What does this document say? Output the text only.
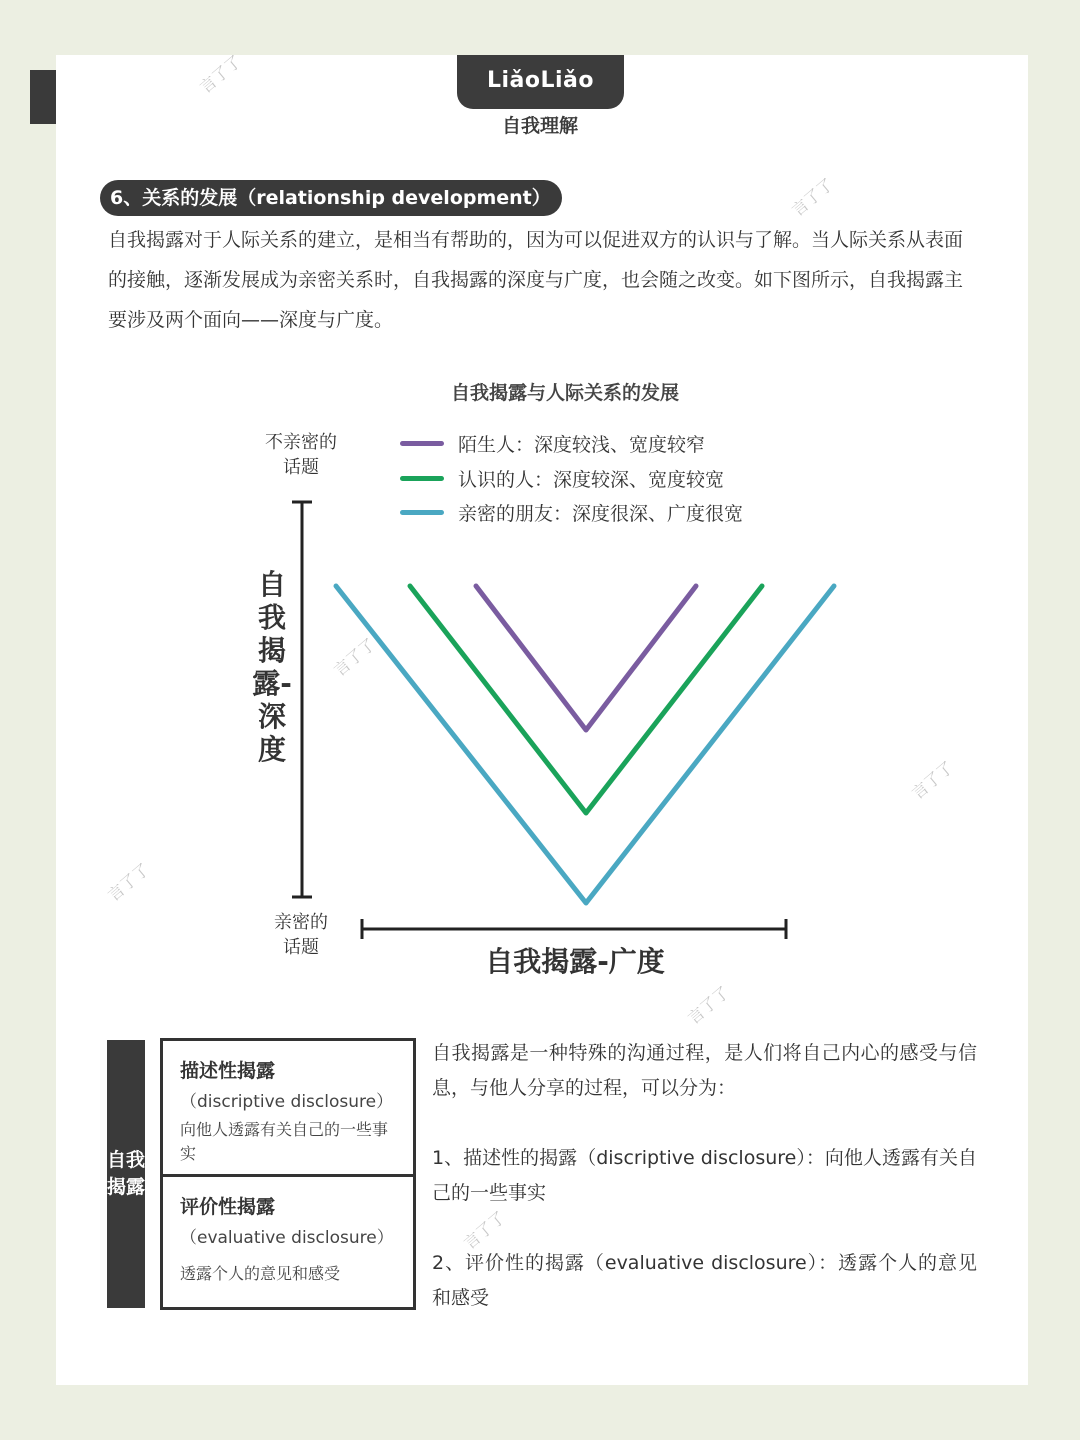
LiǎoLiǎo
自我理解
6、关系的发展（relationship development）
自我揭露对于人际关系的建立，是相当有帮助的，因为可以促进双方的认识与了解。当人际关系从表面的接触，逐渐发展成为亲密关系时，自我揭露的深度与广度，也会随之改变。如下图所示，自我揭露主要涉及两个面向——深度与广度。
自我揭露与人际关系的发展
不亲密的
话题
亲密的
话题
陌生人：深度较浅、宽度较窄
认识的人：深度较深、宽度较宽
亲密的朋友：深度很深、广度很宽
自我揭露-深度
自我揭露-广度
自我揭露
描述性揭露
（discriptive disclosure）
向他人透露有关自己的一些事实
评价性揭露
（evaluative disclosure）
透露个人的意见和感受
自我揭露是一种特殊的沟通过程，是人们将自己内心的感受与信息，与他人分享的过程，可以分为：
1、描述性的揭露（discriptive disclosure）：向他人透露有关自己的一些事实
2、评价性的揭露（evaluative disclosure）：透露个人的意见和感受
言了了
言了了
言了了
言了了
言了了
言了了
言了了
